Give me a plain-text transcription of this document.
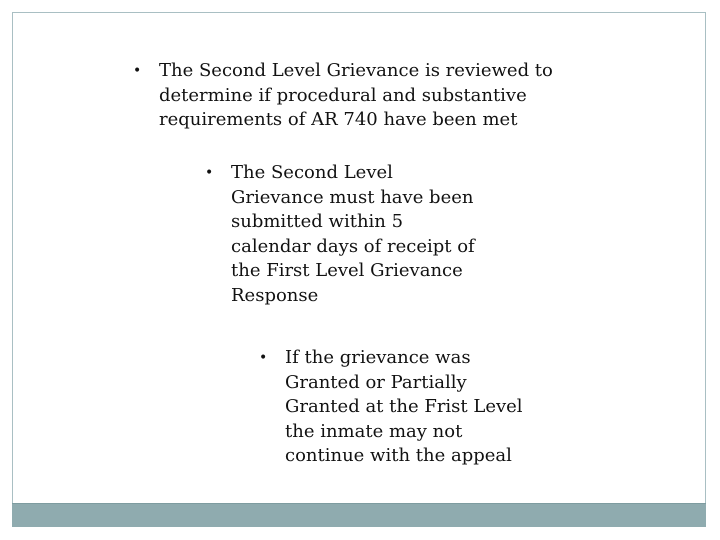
• The Second Level Grievance is reviewed to
determine if procedural and substantive
requirements of AR 740 have been met
• The Second Level
Grievance must have been
submitted within 5
calendar days of receipt of
the First Level Grievance
Response
• If the grievance was
Granted or Partially
Granted at the Frist Level
the inmate may not
continue with the appeal
